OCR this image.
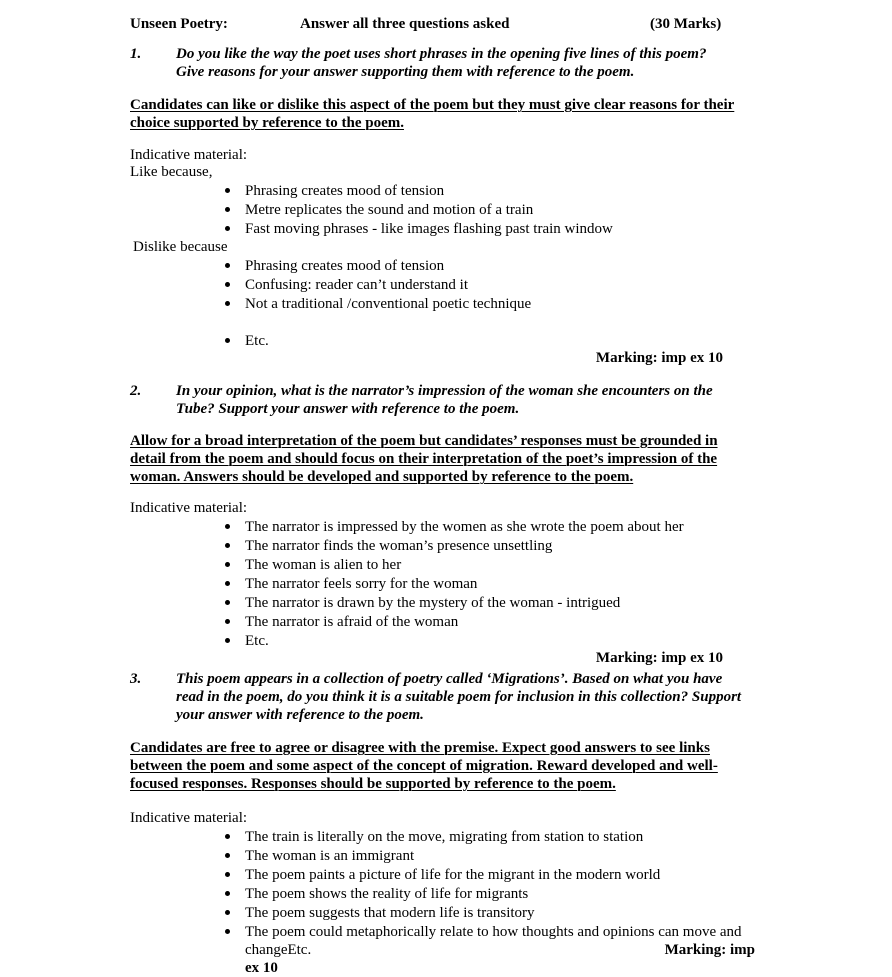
Unseen Poetry:	Answer all three questions asked	(30 Marks)
1. Do you like the way the poet uses short phrases in the opening five lines of this poem?
Give reasons for your answer supporting them with reference to the poem.
Candidates can like or dislike this aspect of the poem but they must give clear reasons for their
choice supported by reference to the poem.
Indicative material:
Like because,
Phrasing creates mood of tension
Metre replicates the sound and motion of a train
Fast moving phrases - like images flashing past train window
Dislike because
Phrasing creates mood of tension
Confusing: reader can’t understand it
Not a traditional /conventional poetic technique
Etc.
Marking: imp ex 10
2. In your opinion, what is the narrator’s impression of the woman she encounters on the
Tube? Support your answer with reference to the poem.
Allow for a broad interpretation of the poem but candidates’ responses must be grounded in
detail from the poem and should focus on their interpretation of the poet’s impression of the
woman. Answers should be developed and supported by reference to the poem.
Indicative material:
The narrator is impressed by the women as she wrote the poem about her
The narrator finds the woman’s presence unsettling
The woman is alien to her
The narrator feels sorry for the woman
The narrator is drawn by the mystery of the woman - intrigued
The narrator is afraid of the woman
Etc.
Marking: imp ex 10
3. This poem appears in a collection of poetry called ‘Migrations’. Based on what you have
read in the poem, do you think it is a suitable poem for inclusion in this collection? Support
your answer with reference to the poem.
Candidates are free to agree or disagree with the premise. Expect good answers to see links
between the poem and some aspect of the concept of migration. Reward developed and well-
focused responses. Responses should be supported by reference to the poem.
Indicative material:
The train is literally on the move, migrating from station to station
The woman is an immigrant
The poem paints a picture of life for the migrant in the modern world
The poem shows the reality of life for migrants
The poem suggests that modern life is transitory
The poem could metaphorically relate to how thoughts and opinions can move and
changeEtc.	Marking: imp
ex 10
